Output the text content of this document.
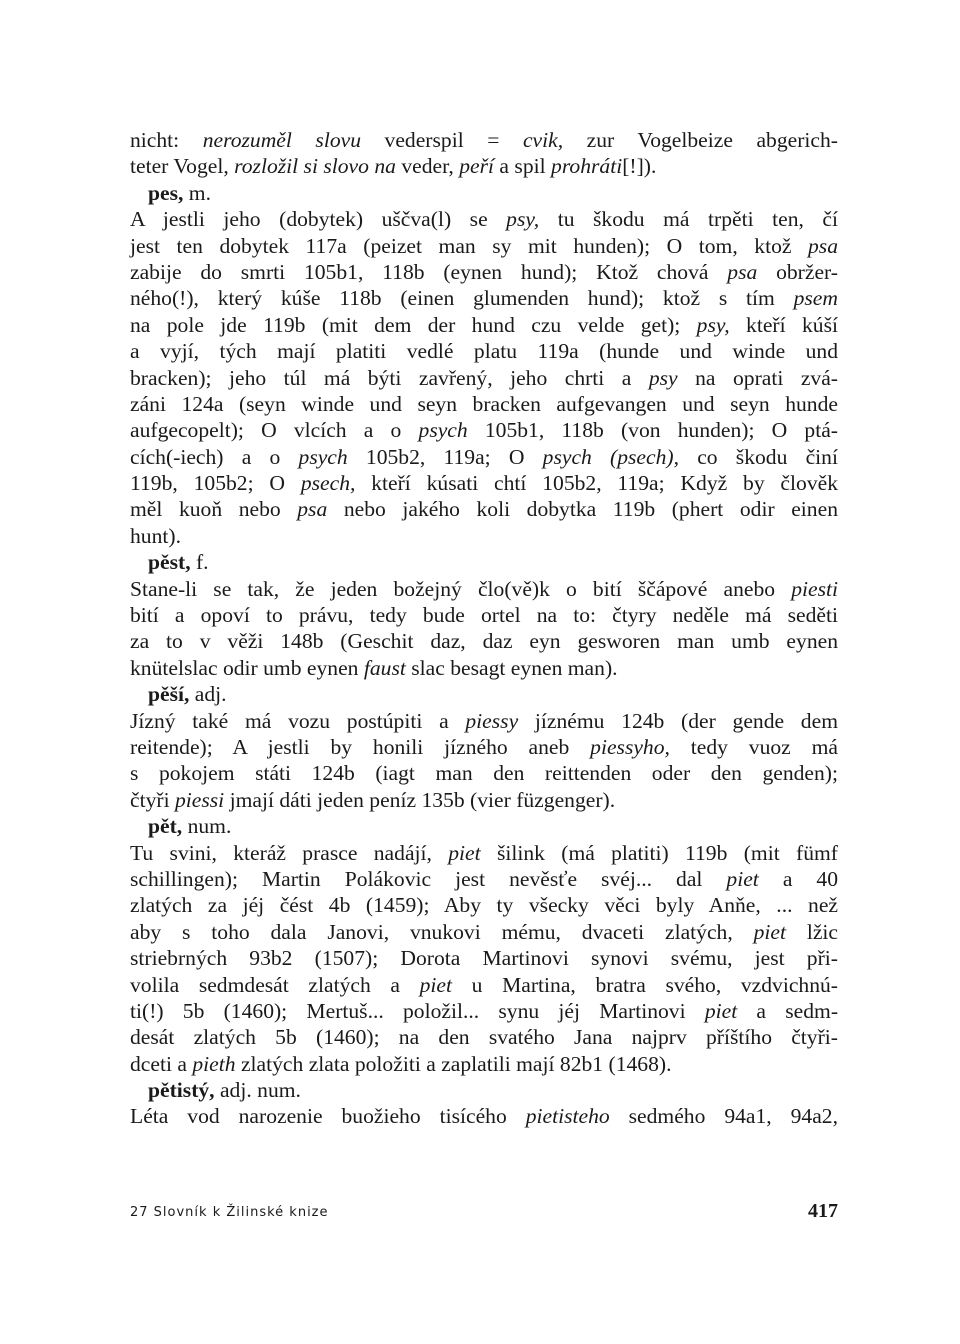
nicht: nerozuměl slovu vederspil = cvik, zur Vogelbeize abgerich-
teter Vogel, rozložil si slovo na veder, peří a spil prohráti[!]).
pes, m.
A jestli jeho (dobytek) uščva(l) se psy, tu škodu má trpěti ten, čí
jest ten dobytek 117a (peizet man sy mit hunden); O tom, ktož psa
zabije do smrti 105b1, 118b (eynen hund); Ktož chová psa obržer-
ného(!), který kúše 118b (einen glumenden hund); ktož s tím psem
na pole jde 119b (mit dem der hund czu velde get); psy, kteří kúší
a vyjí, tých mají platiti vedlé platu 119a (hunde und winde und
bracken); jeho túl má býti zavřený, jeho chrti a psy na oprati zvá-
záni 124a (seyn winde und seyn bracken aufgevangen und seyn hunde
aufgecopelt); O vlcích a o psych 105b1, 118b (von hunden); O ptá-
cích(-iech) a o psych 105b2, 119a; O psych (psech), co škodu činí
119b, 105b2; O psech, kteří kúsati chtí 105b2, 119a; Když by člověk
měl kuoň nebo psa nebo jakého koli dobytka 119b (phert odir einen
hunt).
pěst, f.
Stane-li se tak, že jeden božejný člo(vě)k o bití ščápové anebo piesti
bití a opoví to právu, tedy bude ortel na to: čtyry neděle má seděti
za to v věži 148b (Geschit daz, daz eyn gesworen man umb eynen
knütelslac odir umb eynen faust slac besagt eynen man).
pěší, adj.
Jízný také má vozu postúpiti a piessy jíznému 124b (der gende dem
reitende); A jestli by honili jízného aneb piessyho, tedy vuoz má
s pokojem státi 124b (iagt man den reittenden oder den genden);
čtyři piessi jmají dáti jeden peníz 135b (vier füzgenger).
pět, num.
Tu svini, kteráž prasce nadájí, piet šilink (má platiti) 119b (mit fümf
schillingen); Martin Polákovic jest nevěsťe svéj... dal piet a 40
zlatých za jéj čést 4b (1459); Aby ty všecky věci byly Anňe, ... než
aby s toho dala Janovi, vnukovi mému, dvaceti zlatých, piet lžic
striebrných 93b2 (1507); Dorota Martinovi synovi svému, jest při-
volila sedmdesát zlatých a piet u Martina, bratra svého, vzdvichnú-
ti(!) 5b (1460); Mertuš... položil... synu jéj Martinovi piet a sedm-
desát zlatých 5b (1460); na den svatého Jana najprv příštího čtyři-
dceti a pieth zlatých zlata položiti a zaplatili mají 82b1 (1468).
pětistý, adj. num.
Léta vod narozenie buožieho tisícého pietisteho sedmého 94a1, 94a2,
27 Slovník k Žilinské knize	417
